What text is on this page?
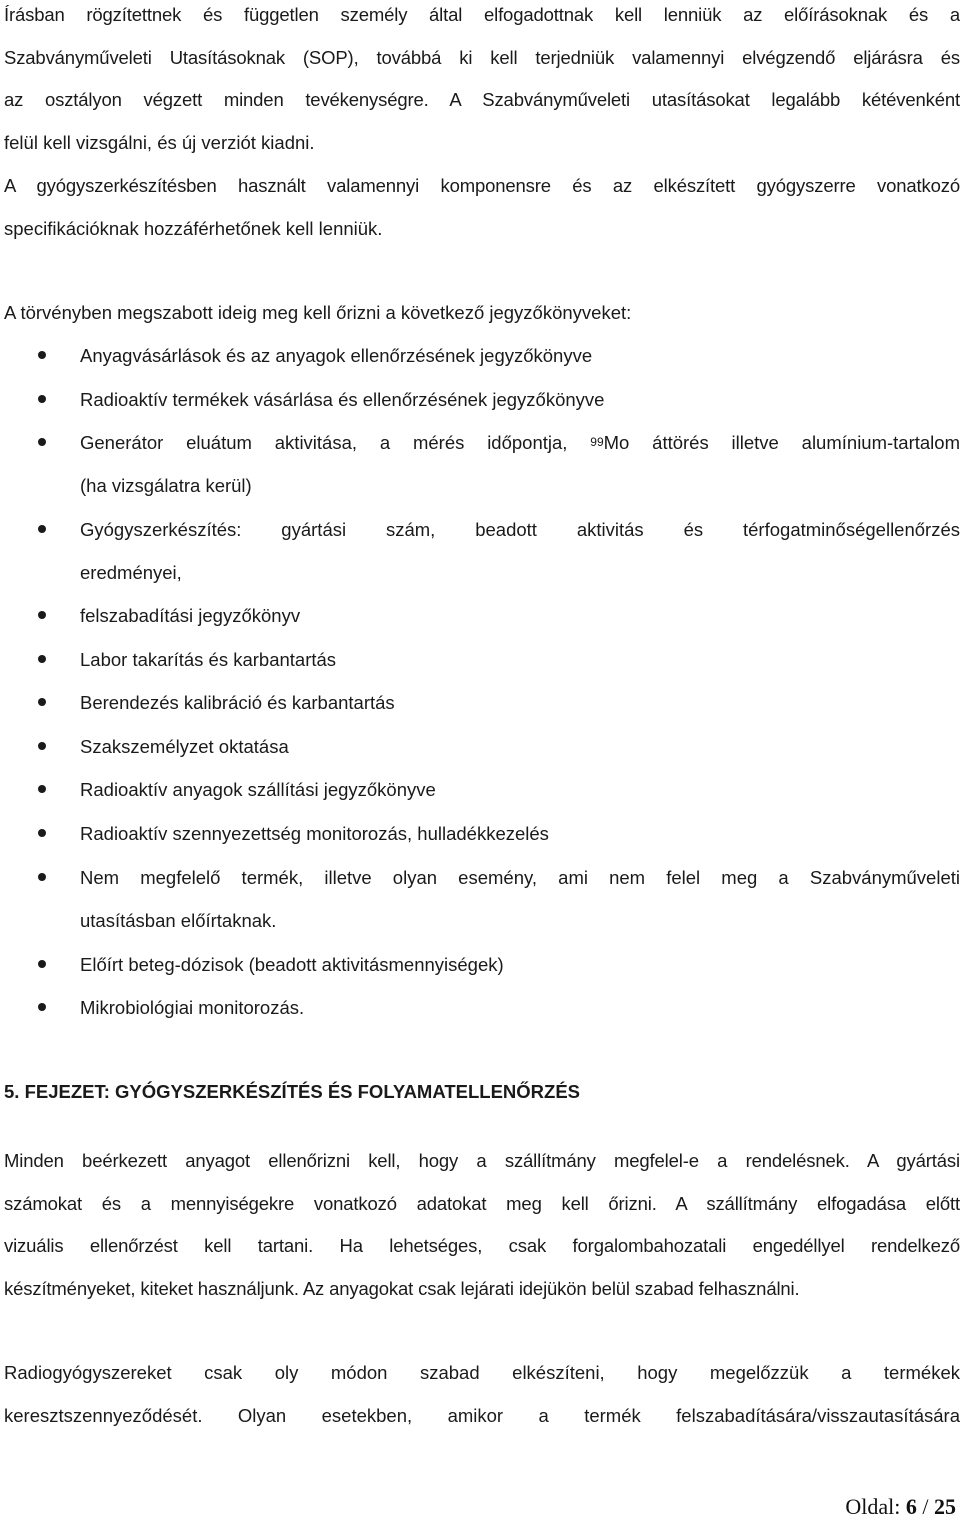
Írásban rögzítettnek és független személy által elfogadottnak kell lenniük az előírásoknak és a
Szabványműveleti Utasításoknak (SOP), továbbá ki kell terjedniük valamennyi elvégzendő eljárásra és
az osztályon végzett minden tevékenységre. A Szabványműveleti utasításokat legalább kétévenként
felül kell vizsgálni, és új verziót kiadni.
A gyógyszerkészítésben használt valamennyi komponensre és az elkészített gyógyszerre vonatkozó
specifikációknak hozzáférhetőnek kell lenniük.
A törvényben megszabott ideig meg kell őrizni a következő jegyzőkönyveket:
Anyagvásárlások és az anyagok ellenőrzésének jegyzőkönyve
Radioaktív termékek vásárlása és ellenőrzésének jegyzőkönyve
Generátor eluátum aktivitása, a mérés időpontja, $^{99}$Mo áttörés illetve alumínium-tartalom
(ha vizsgálatra kerül)
Gyógyszerkészítés: gyártási szám, beadott aktivitás és térfogatminőségellenőrzés
eredményei,
felszabadítási jegyzőkönyv
Labor takarítás és karbantartás
Berendezés kalibráció és karbantartás
Szakszemélyzet oktatása
Radioaktív anyagok szállítási jegyzőkönyve
Radioaktív szennyezettség monitorozás, hulladékkezelés
Nem megfelelő termék, illetve olyan esemény, ami nem felel meg a Szabványműveleti
utasításban előírtaknak.
Előírt beteg-dózisok (beadott aktivitásmennyiségek)
Mikrobiológiai monitorozás.
5. FEJEZET: GYÓGYSZERKÉSZÍTÉS ÉS FOLYAMATELLENŐRZÉS
Minden beérkezett anyagot ellenőrizni kell, hogy a szállítmány megfelel-e a rendelésnek. A gyártási
számokat és a mennyiségekre vonatkozó adatokat meg kell őrizni. A szállítmány elfogadása előtt
vizuális ellenőrzést kell tartani. Ha lehetséges, csak forgalombahozatali engedéllyel rendelkező
készítményeket, kiteket használjunk. Az anyagokat csak lejárati idejükön belül szabad felhasználni.
Radiogyógyszereket csak oly módon szabad elkészíteni, hogy megelőzzük a termékek
keresztszennyeződését. Olyan esetekben, amikor a termék felszabadítására/visszautasítására
Oldal: 6 / 25
